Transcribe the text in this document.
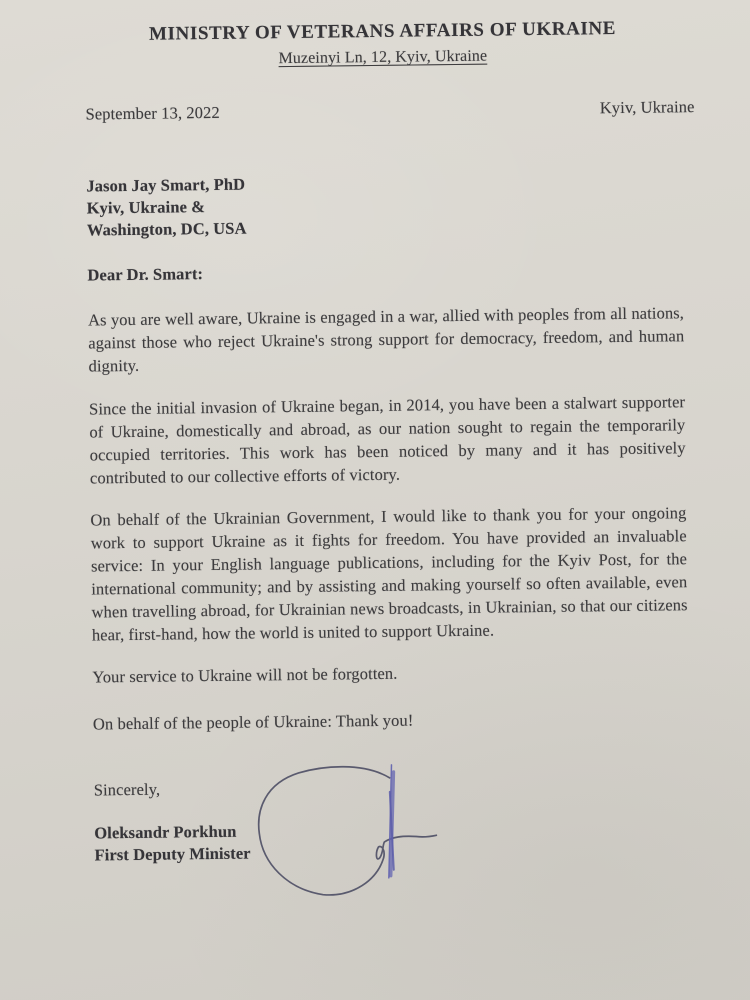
MINISTRY OF VETERANS AFFAIRS OF UKRAINE
Muzeinyi Ln, 12, Kyiv, Ukraine
September 13, 2022	Kyiv, Ukraine
Jason Jay Smart, PhD
Kyiv, Ukraine &
Washington, DC, USA
Dear Dr. Smart:

As you are well aware, Ukraine is engaged in a war, allied with peoples from all nations, against those who reject Ukraine's strong support for democracy, freedom, and human dignity.

Since the initial invasion of Ukraine began, in 2014, you have been a stalwart supporter of Ukraine, domestically and abroad, as our nation sought to regain the temporarily occupied territories. This work has been noticed by many and it has positively contributed to our collective efforts of victory.

On behalf of the Ukrainian Government, I would like to thank you for your ongoing work to support Ukraine as it fights for freedom. You have provided an invaluable service: In your English language publications, including for the Kyiv Post, for the international community; and by assisting and making yourself so often available, even when travelling abroad, for Ukrainian news broadcasts, in Ukrainian, so that our citizens hear, first-hand, how the world is united to support Ukraine.

Your service to Ukraine will not be forgotten.

On behalf of the people of Ukraine: Thank you!

Sincerely,
Oleksandr Porkhun
First Deputy Minister
